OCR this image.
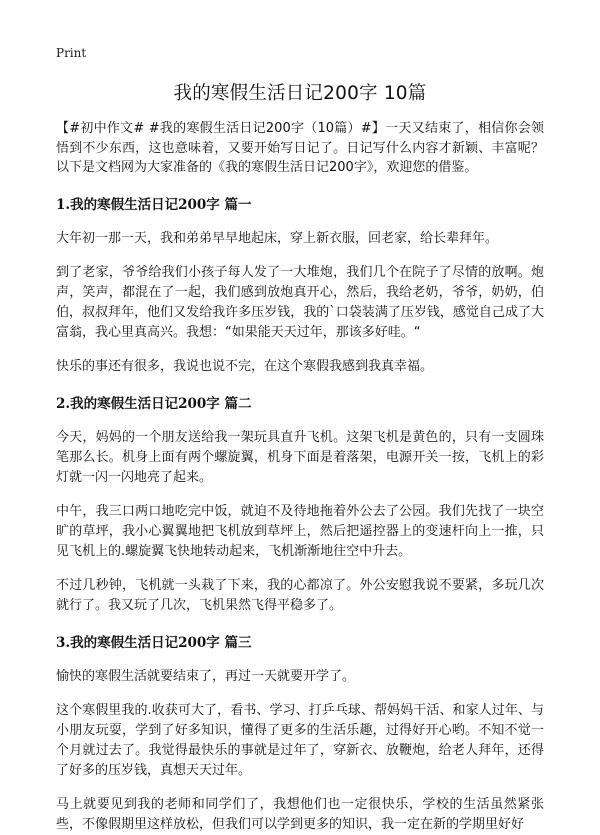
Print
我的寒假生活日记200字 10篇

【#初中作文# #我的寒假生活日记200字（10篇）#】一天又结束了，相信你会领悟到不少东西，这也意味着，又要开始写日记了。日记写什么内容才新颖、丰富呢？以下是文档网为大家准备的《我的寒假生活日记200字》，欢迎您的借鉴。

1.我的寒假生活日记200字 篇一

大年初一那一天，我和弟弟早早地起床，穿上新衣服，回老家，给长辈拜年。

到了老家，爷爷给我们小孩子每人发了一大堆炮，我们几个在院子了尽情的放啊。炮声，笑声，都混在了一起，我们感到放炮真开心，然后，我给老奶，爷爷，奶奶，伯伯，叔叔拜年，他们又发给我许多压岁钱，我的`口袋装满了压岁钱，感觉自己成了大富翁，我心里真高兴。我想：“如果能天天过年，那该多好哇。“

快乐的事还有很多，我说也说不完，在这个寒假我感到我真幸福。

2.我的寒假生活日记200字 篇二

今天，妈妈的一个朋友送给我一架玩具直升飞机。这架飞机是黄色的，只有一支圆珠笔那么长。机身上面有两个螺旋翼，机身下面是着落架，电源开关一按，飞机上的彩灯就一闪一闪地亮了起来。

中午，我三口两口地吃完中饭，就迫不及待地拖着外公去了公园。我们先找了一块空旷的草坪，我小心翼翼地把飞机放到草坪上，然后把遥控器上的变速杆向上一推，只见飞机上的.螺旋翼飞快地转动起来，飞机渐渐地往空中升去。

不过几秒钟，飞机就一头栽了下来，我的心都凉了。外公安慰我说不要紧，多玩几次就行了。我又玩了几次，飞机果然飞得平稳多了。

3.我的寒假生活日记200字 篇三

愉快的寒假生活就要结束了，再过一天就要开学了。

这个寒假里我的.收获可大了，看书、学习、打乒乓球、帮妈妈干活、和家人过年、与小朋友玩耍，学到了好多知识，懂得了更多的生活乐趣，过得好开心哟。不知不觉一个月就过去了。我觉得最快乐的事就是过年了，穿新衣、放鞭炮，给老人拜年，还得了好多的压岁钱，真想天天过年。

马上就要见到我的老师和同学们了，我想他们也一定很快乐，学校的生活虽然紧张些，不像假期里这样放松，但我们可以学到更多的知识，我一定在新的学期里好好
